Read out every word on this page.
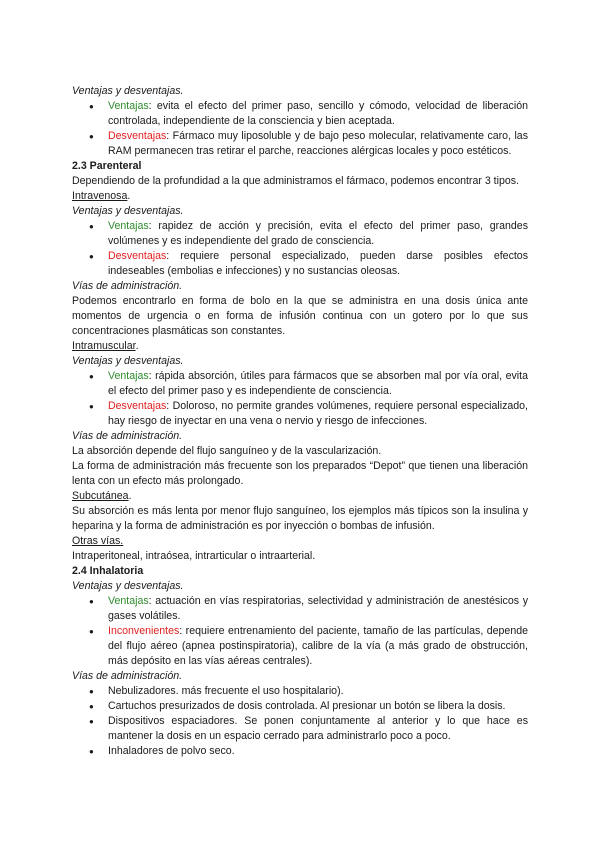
Ventajas y desventajas.

● Ventajas: evita el efecto del primer paso, sencillo y cómodo, velocidad de liberación controlada, independiente de la consciencia y bien aceptada.
● Desventajas: Fármaco muy liposoluble y de bajo peso molecular, relativamente caro, las RAM permanecen tras retirar el parche, reacciones alérgicas locales y poco estéticos.

2.3 Parenteral

Dependiendo de la profundidad a la que administramos el fármaco, podemos encontrar 3 tipos.

Intravenosa.

Ventajas y desventajas.

● Ventajas: rapidez de acción y precisión, evita el efecto del primer paso, grandes volúmenes y es independiente del grado de consciencia.
● Desventajas: requiere personal especializado, pueden darse posibles efectos indeseables (embolias e infecciones) y no sustancias oleosas.

Vías de administración.

Podemos encontrarlo en forma de bolo en la que se administra en una dosis única ante momentos de urgencia o en forma de infusión continua con un gotero por lo que sus concentraciones plasmáticas son constantes.

Intramuscular.

Ventajas y desventajas.

● Ventajas: rápida absorción, útiles para fármacos que se absorben mal por vía oral, evita el efecto del primer paso y es independiente de consciencia.
● Desventajas: Doloroso, no permite grandes volúmenes, requiere personal especializado, hay riesgo de inyectar en una vena o nervio y riesgo de infecciones.

Vías de administración.

La absorción depende del flujo sanguíneo y de la vascularización.

La forma de administración más frecuente son los preparados “Depot” que tienen una liberación lenta con un efecto más prolongado.

Subcutánea.

Su absorción es más lenta por menor flujo sanguíneo, los ejemplos más típicos son la insulina y heparina y la forma de administración es por inyección o bombas de infusión.

Otras vías.

Intraperitoneal, intraósea, intrarticular o intraarterial.

2.4 Inhalatoria

Ventajas y desventajas.

● Ventajas: actuación en vías respiratorias, selectividad y administración de anestésicos y gases volátiles.
● Inconvenientes: requiere entrenamiento del paciente, tamaño de las partículas, depende del flujo aéreo (apnea postinspiratoria), calibre de la vía (a más grado de obstrucción, más depósito en las vías aéreas centrales).

Vías de administración.

● Nebulizadores. más frecuente el uso hospitalario).
● Cartuchos presurizados de dosis controlada. Al presionar un botón se libera la dosis.
● Dispositivos espaciadores. Se ponen conjuntamente al anterior y lo que hace es mantener la dosis en un espacio cerrado para administrarlo poco a poco.
● Inhaladores de polvo seco.
